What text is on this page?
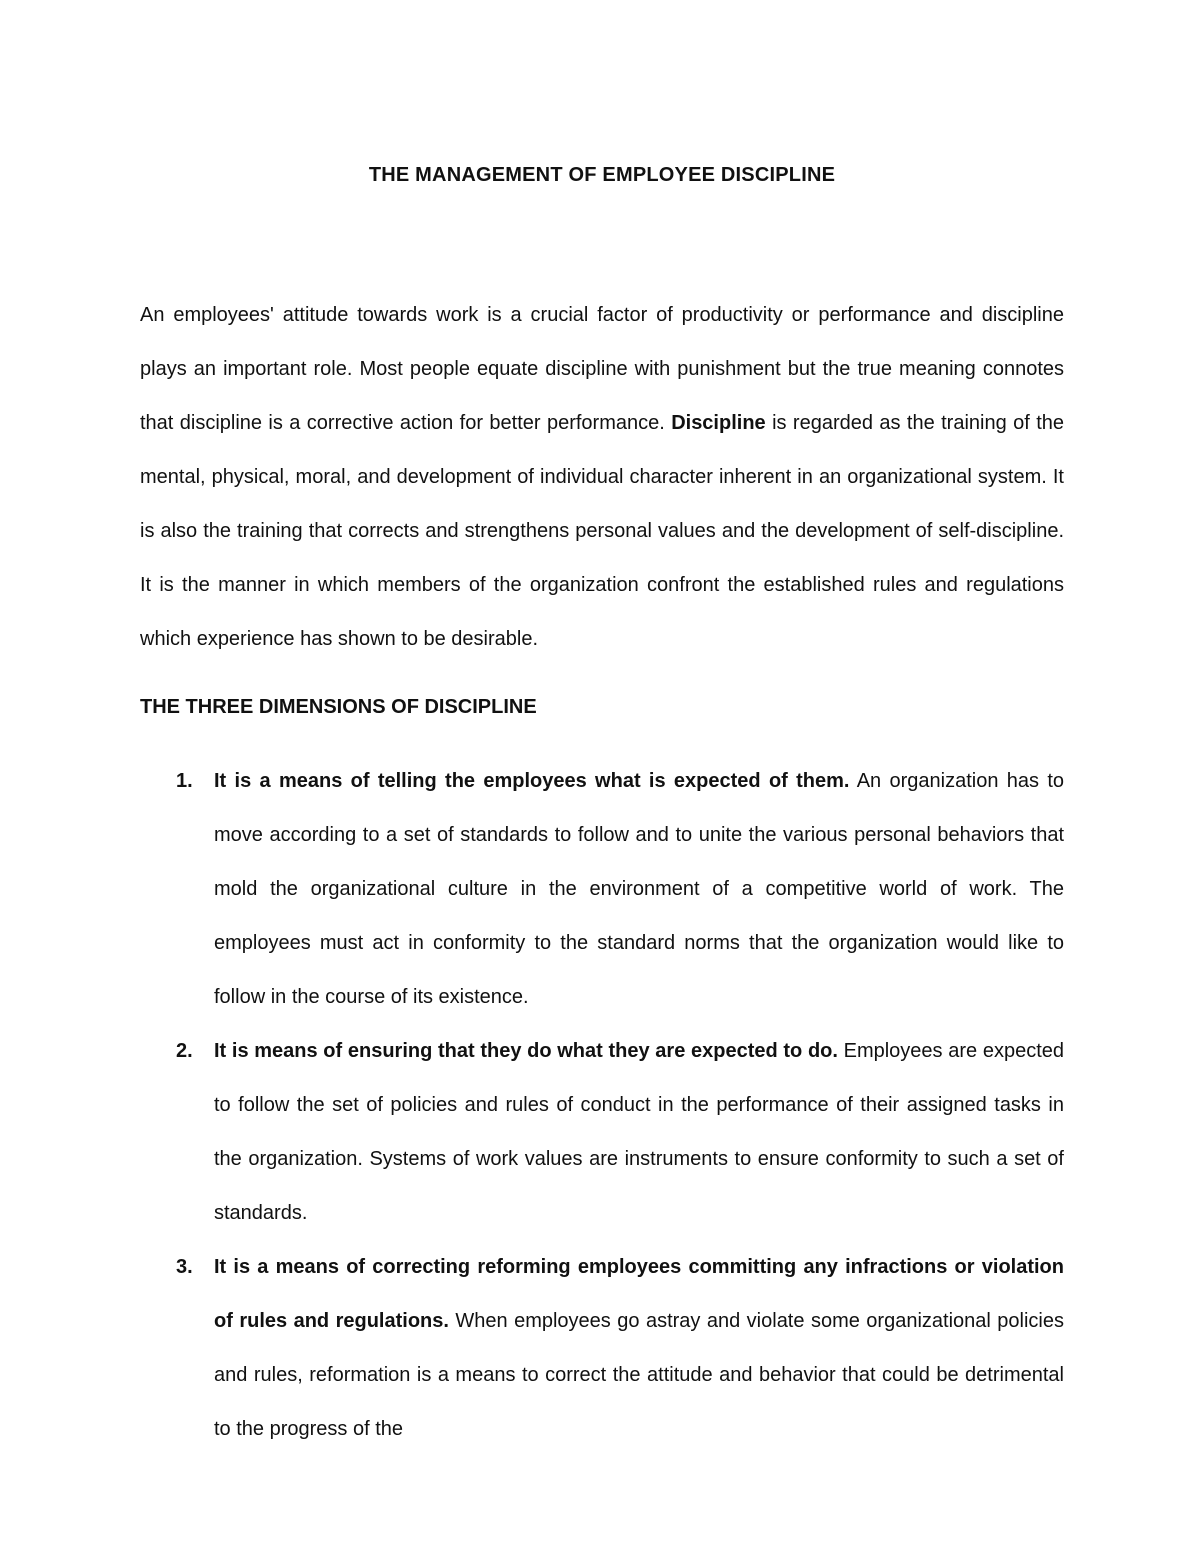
THE MANAGEMENT OF EMPLOYEE DISCIPLINE

An employees' attitude towards work is a crucial factor of productivity or performance and discipline plays an important role. Most people equate discipline with punishment but the true meaning connotes that discipline is a corrective action for better performance. Discipline is regarded as the training of the mental, physical, moral, and development of individual character inherent in an organizational system. It is also the training that corrects and strengthens personal values and the development of self-discipline. It is the manner in which members of the organization confront the established rules and regulations which experience has shown to be desirable.

THE THREE DIMENSIONS OF DISCIPLINE
1. It is a means of telling the employees what is expected of them. An organization has to move according to a set of standards to follow and to unite the various personal behaviors that mold the organizational culture in the environment of a competitive world of work. The employees must act in conformity to the standard norms that the organization would like to follow in the course of its existence.
2. It is means of ensuring that they do what they are expected to do. Employees are expected to follow the set of policies and rules of conduct in the performance of their assigned tasks in the organization. Systems of work values are instruments to ensure conformity to such a set of standards.
3. It is a means of correcting reforming employees committing any infractions or violation of rules and regulations. When employees go astray and violate some organizational policies and rules, reformation is a means to correct the attitude and behavior that could be detrimental to the progress of the
